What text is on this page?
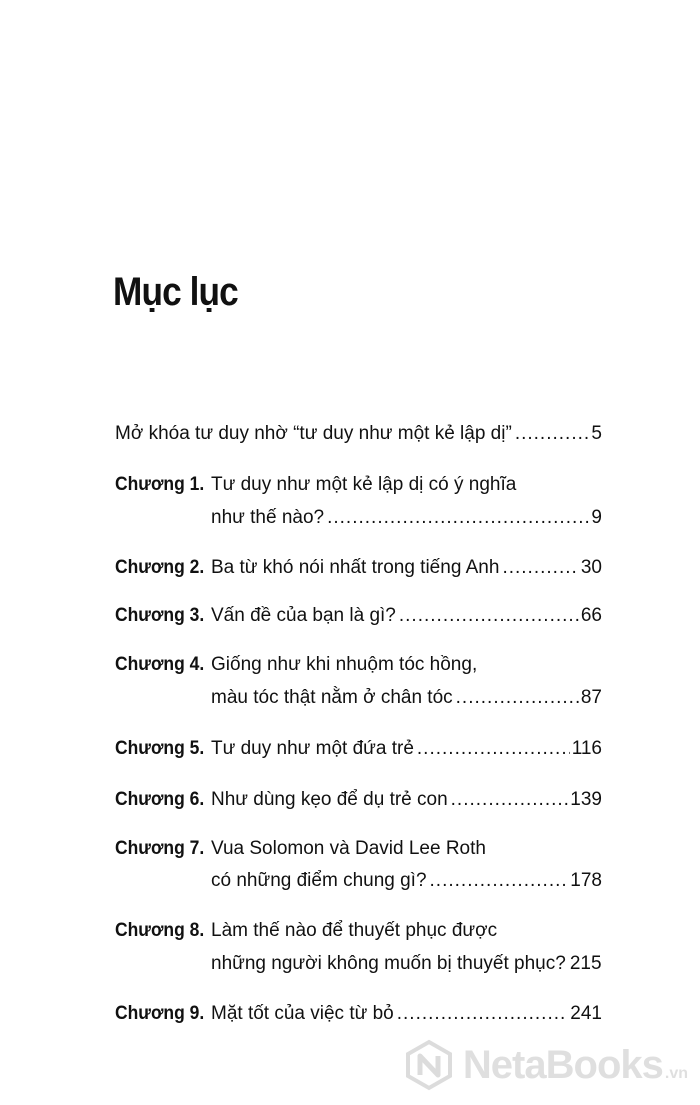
Mục lục
Mở khóa tư duy nhờ “tư duy như một kẻ lập dị” .....	5
Chương 1. Tư duy như một kẻ lập dị có ý nghĩa
như thế nào? .....	9
Chương 2. Ba từ khó nói nhất trong tiếng Anh .....	30
Chương 3. Vấn đề của bạn là gì? .....	66
Chương 4. Giống như khi nhuộm tóc hồng,
màu tóc thật nằm ở chân tóc .....	87
Chương 5. Tư duy như một đứa trẻ .....	116
Chương 6. Như dùng kẹo để dụ trẻ con .....	139
Chương 7. Vua Solomon và David Lee Roth
có những điểm chung gì? .....	178
Chương 8. Làm thế nào để thuyết phục được
những người không muốn bị thuyết phục? 215
Chương 9. Mặt tốt của việc từ bỏ .....	241
NetaBooks .vn
